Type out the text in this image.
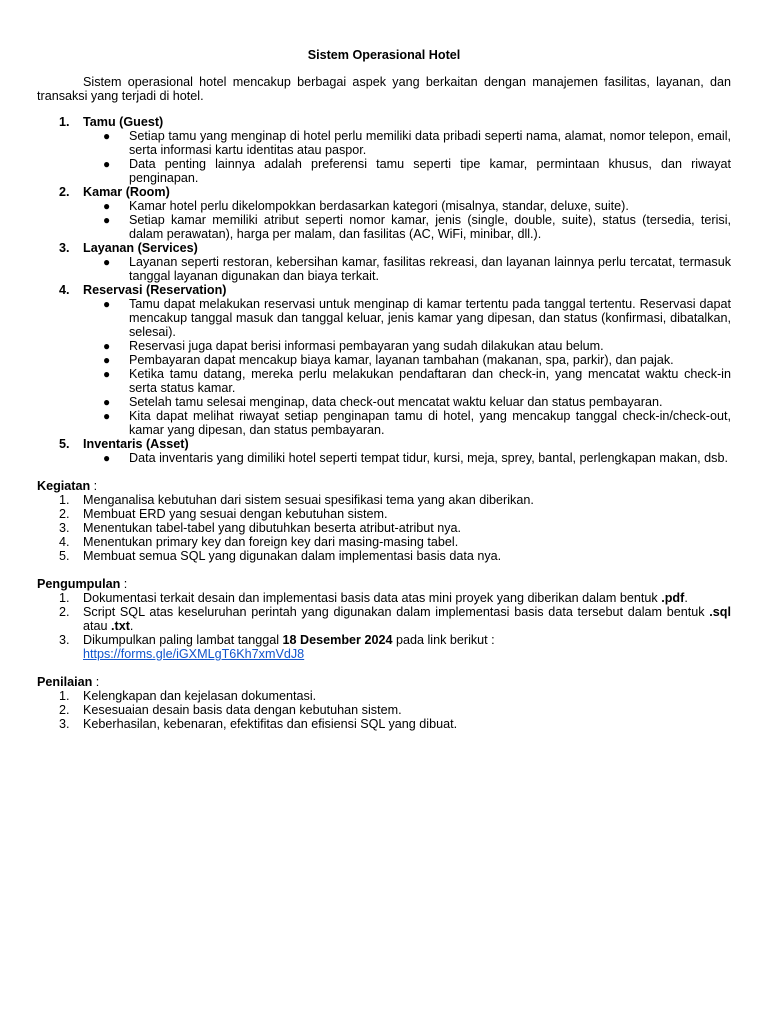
Sistem Operasional Hotel

Sistem operasional hotel mencakup berbagai aspek yang berkaitan dengan manajemen fasilitas, layanan, dan transaksi yang terjadi di hotel.

1. Tamu (Guest)
● Setiap tamu yang menginap di hotel perlu memiliki data pribadi seperti nama, alamat, nomor telepon, email, serta informasi kartu identitas atau paspor.
● Data penting lainnya adalah preferensi tamu seperti tipe kamar, permintaan khusus, dan riwayat penginapan.
2. Kamar (Room)
● Kamar hotel perlu dikelompokkan berdasarkan kategori (misalnya, standar, deluxe, suite).
● Setiap kamar memiliki atribut seperti nomor kamar, jenis (single, double, suite), status (tersedia, terisi, dalam perawatan), harga per malam, dan fasilitas (AC, WiFi, minibar, dll.).
3. Layanan (Services)
● Layanan seperti restoran, kebersihan kamar, fasilitas rekreasi, dan layanan lainnya perlu tercatat, termasuk tanggal layanan digunakan dan biaya terkait.
4. Reservasi (Reservation)
● Tamu dapat melakukan reservasi untuk menginap di kamar tertentu pada tanggal tertentu. Reservasi dapat mencakup tanggal masuk dan tanggal keluar, jenis kamar yang dipesan, dan status (konfirmasi, dibatalkan, selesai).
● Reservasi juga dapat berisi informasi pembayaran yang sudah dilakukan atau belum.
● Pembayaran dapat mencakup biaya kamar, layanan tambahan (makanan, spa, parkir), dan pajak.
● Ketika tamu datang, mereka perlu melakukan pendaftaran dan check-in, yang mencatat waktu check-in serta status kamar.
● Setelah tamu selesai menginap, data check-out mencatat waktu keluar dan status pembayaran.
● Kita dapat melihat riwayat setiap penginapan tamu di hotel, yang mencakup tanggal check-in/check-out, kamar yang dipesan, dan status pembayaran.
5. Inventaris (Asset)
● Data inventaris yang dimiliki hotel seperti tempat tidur, kursi, meja, sprey, bantal, perlengkapan makan, dsb.

Kegiatan :

1. Menganalisa kebutuhan dari sistem sesuai spesifikasi tema yang akan diberikan.
2. Membuat ERD yang sesuai dengan kebutuhan sistem.
3. Menentukan tabel-tabel yang dibutuhkan beserta atribut-atribut nya.
4. Menentukan primary key dan foreign key dari masing-masing tabel.
5. Membuat semua SQL yang digunakan dalam implementasi basis data nya.

Pengumpulan :

1. Dokumentasi terkait desain dan implementasi basis data atas mini proyek yang diberikan dalam bentuk .pdf.
2. Script SQL atas keseluruhan perintah yang digunakan dalam implementasi basis data tersebut dalam bentuk .sql atau .txt.
3. Dikumpulkan paling lambat tanggal 18 Desember 2024 pada link berikut :
https://forms.gle/iGXMLgT6Kh7xmVdJ8

Penilaian :

1. Kelengkapan dan kejelasan dokumentasi.
2. Kesesuaian desain basis data dengan kebutuhan sistem.
3. Keberhasilan, kebenaran, efektifitas dan efisiensi SQL yang dibuat.
